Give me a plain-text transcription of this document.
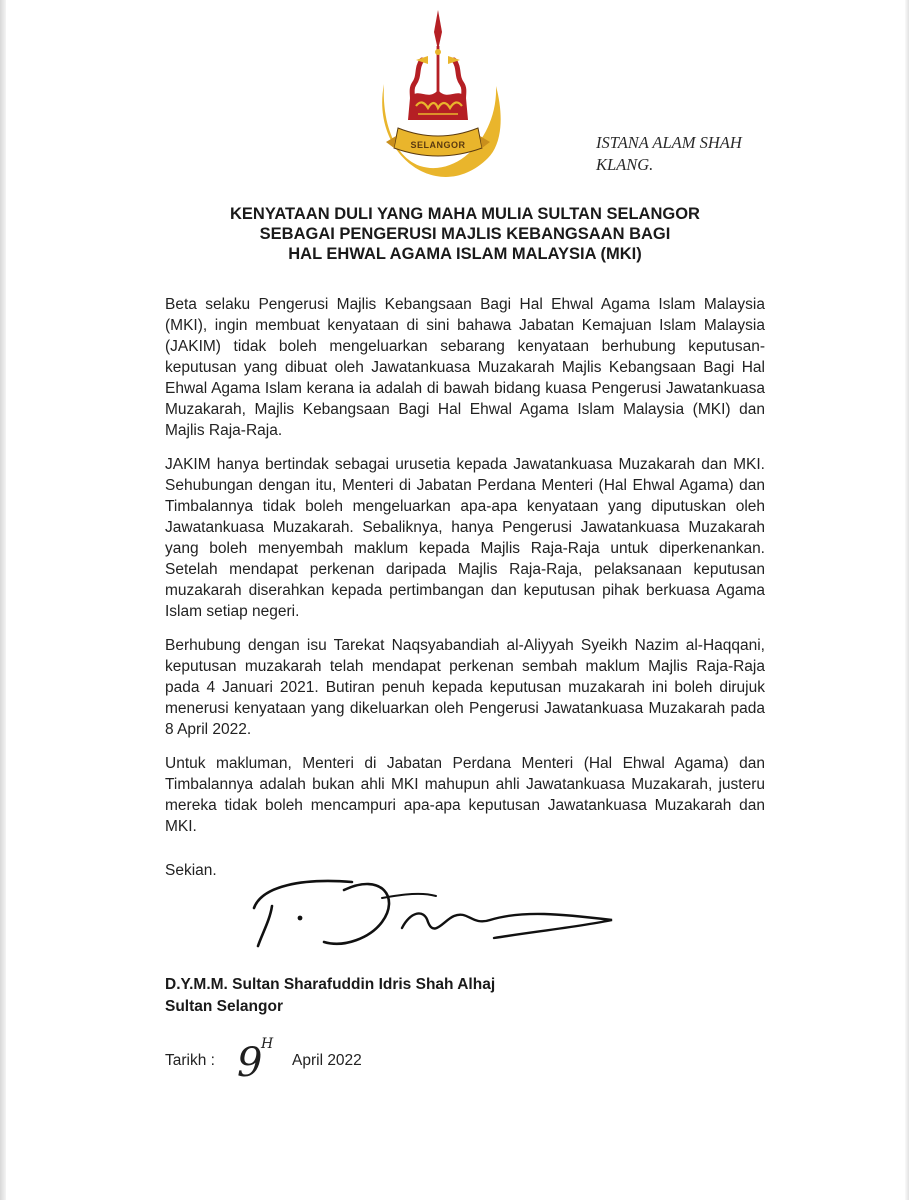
SELANGOR	ISTANA ALAM SHAH
KLANG.
KENYATAAN DULI YANG MAHA MULIA SULTAN SELANGOR
SEBAGAI PENGERUSI MAJLIS KEBANGSAAN BAGI
HAL EHWAL AGAMA ISLAM MALAYSIA (MKI)

Beta selaku Pengerusi Majlis Kebangsaan Bagi Hal Ehwal Agama Islam Malaysia (MKI), ingin membuat kenyataan di sini bahawa Jabatan Kemajuan Islam Malaysia (JAKIM) tidak boleh mengeluarkan sebarang kenyataan berhubung keputusan-keputusan yang dibuat oleh Jawatankuasa Muzakarah Majlis Kebangsaan Bagi Hal Ehwal Agama Islam kerana ia adalah di bawah bidang kuasa Pengerusi Jawatankuasa Muzakarah, Majlis Kebangsaan Bagi Hal Ehwal Agama Islam Malaysia (MKI) dan Majlis Raja-Raja.

JAKIM hanya bertindak sebagai urusetia kepada Jawatankuasa Muzakarah dan MKI. Sehubungan dengan itu, Menteri di Jabatan Perdana Menteri (Hal Ehwal Agama) dan Timbalannya tidak boleh mengeluarkan apa-apa kenyataan yang diputuskan oleh Jawatankuasa Muzakarah. Sebaliknya, hanya Pengerusi Jawatankuasa Muzakarah yang boleh menyembah maklum kepada Majlis Raja-Raja untuk diperkenankan. Setelah mendapat perkenan daripada Majlis Raja-Raja, pelaksanaan keputusan muzakarah diserahkan kepada pertimbangan dan keputusan pihak berkuasa Agama Islam setiap negeri.

Berhubung dengan isu Tarekat Naqsyabandiah al-Aliyyah Syeikh Nazim al-Haqqani, keputusan muzakarah telah mendapat perkenan sembah maklum Majlis Raja-Raja pada 4 Januari 2021. Butiran penuh kepada keputusan muzakarah ini boleh dirujuk menerusi kenyataan yang dikeluarkan oleh Pengerusi Jawatankuasa Muzakarah pada 8 April 2022.

Untuk makluman, Menteri di Jabatan Perdana Menteri (Hal Ehwal Agama) dan Timbalannya adalah bukan ahli MKI mahupun ahli Jawatankuasa Muzakarah, justeru mereka tidak boleh mencampuri apa-apa keputusan Jawatankuasa Muzakarah dan MKI.

Sekian.
D.Y.M.M. Sultan Sharafuddin Idris Shah Alhaj
Sultan Selangor
Tarikh : 9
H
April 2022
